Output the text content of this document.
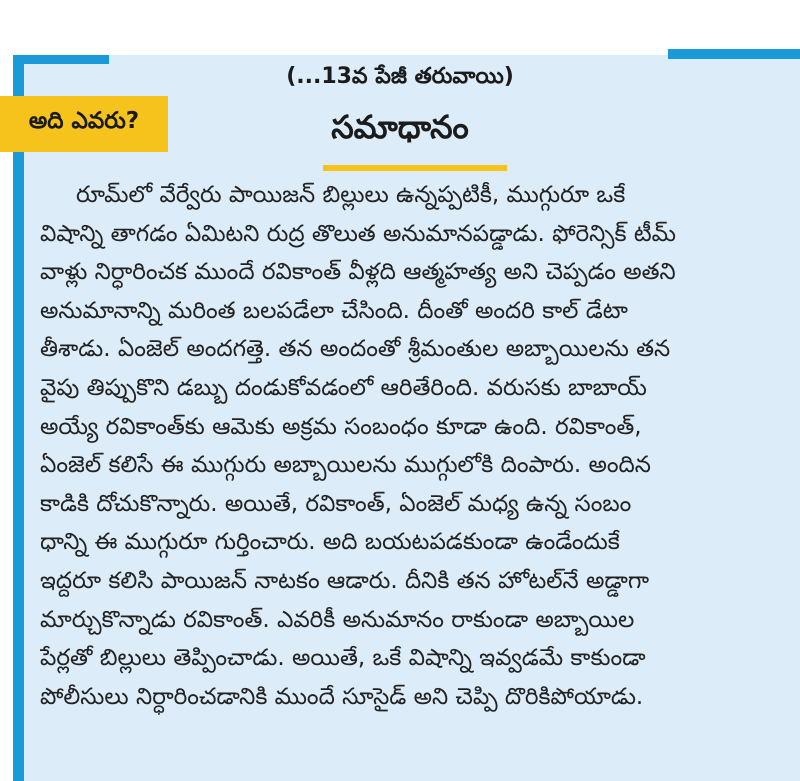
(...13వ పేజీ తరువాయి)
అది ఎవరు?	సమాధానం
రూమ్‌లో వేర్వేరు పాయిజన్ బిల్లులు ఉన్నప్పటికీ, ముగ్గురూ ఒకే
విషాన్ని తాగడం ఏమిటని రుద్ర తొలుత అనుమానపడ్డాడు. ఫోరెన్సిక్ టీమ్
వాళ్లు నిర్ధారించక ముందే రవికాంత్ వీళ్లది ఆత్మహత్య అని చెప్పడం అతని
అనుమానాన్ని మరింత బలపడేలా చేసింది. దీంతో అందరి కాల్ డేటా
తీశాడు. ఏంజెల్ అందగత్తె. తన అందంతో శ్రీమంతుల అబ్బాయిలను తన
వైపు తిప్పుకొని డబ్బు దండుకోవడంలో ఆరితేరింది. వరుసకు బాబాయ్
అయ్యే రవికాంత్‌కు ఆమెకు అక్రమ సంబంధం కూడా ఉంది. రవికాంత్,
ఏంజెల్ కలిసే ఈ ముగ్గురు అబ్బాయిలను ముగ్గులోకి దింపారు. అందిన
కాడికి దోచుకొన్నారు. అయితే, రవికాంత్, ఏంజెల్ మధ్య ఉన్న సంబం
ధాన్ని ఈ ముగ్గురూ గుర్తించారు. అది బయటపడకుండా ఉండేందుకే
ఇద్దరూ కలిసి పాయిజన్ నాటకం ఆడారు. దీనికి తన హోటల్‌నే అడ్డాగా
మార్చుకొన్నాడు రవికాంత్. ఎవరికీ అనుమానం రాకుండా అబ్బాయిల
పేర్లతో బిల్లులు తెప్పించాడు. అయితే, ఒకే విషాన్ని ఇవ్వడమే కాకుండా
పోలీసులు నిర్ధారించడానికి ముందే సూసైడ్ అని చెప్పి దొరికిపోయాడు.
